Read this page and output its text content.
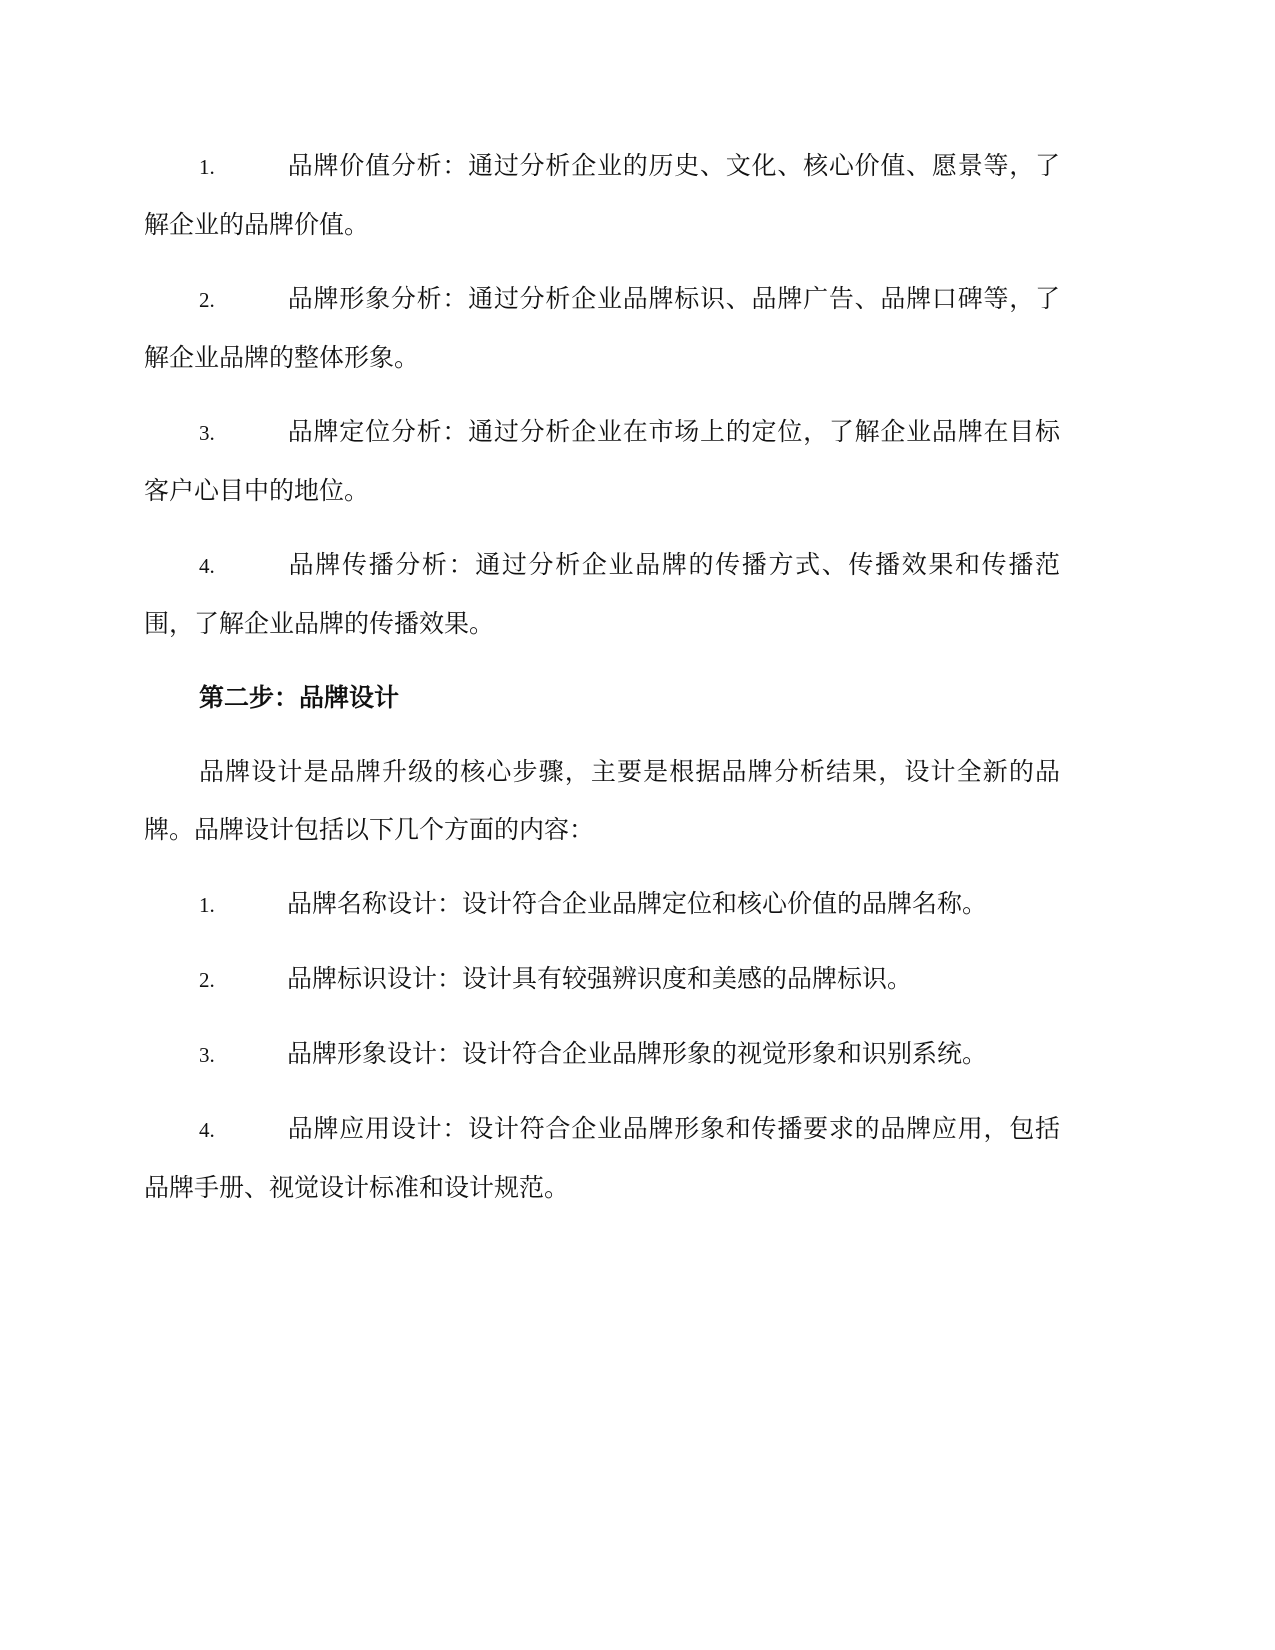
1.	品牌价值分析：通过分析企业的历史、文化、核心价值、愿景等，了解企业的品牌价值。
2.	品牌形象分析：通过分析企业品牌标识、品牌广告、品牌口碑等，了解企业品牌的整体形象。
3.	品牌定位分析：通过分析企业在市场上的定位，了解企业品牌在目标客户心目中的地位。
4.	品牌传播分析：通过分析企业品牌的传播方式、传播效果和传播范围，了解企业品牌的传播效果。
第二步：品牌设计
品牌设计是品牌升级的核心步骤，主要是根据品牌分析结果，设计全新的品牌。品牌设计包括以下几个方面的内容：
1.	品牌名称设计：设计符合企业品牌定位和核心价值的品牌名称。
2.	品牌标识设计：设计具有较强辨识度和美感的品牌标识。
3.	品牌形象设计：设计符合企业品牌形象的视觉形象和识别系统。
4.	品牌应用设计：设计符合企业品牌形象和传播要求的品牌应用，包括品牌手册、视觉设计标准和设计规范。
